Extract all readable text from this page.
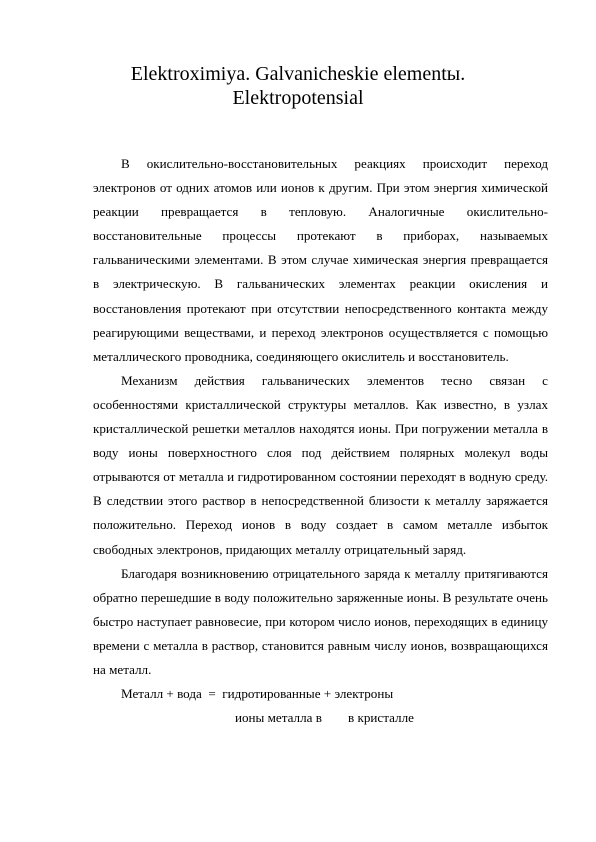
Elektroximiya. Galvanicheskie elementы.
Elektropotensial

В окислительно-восстановительных реакциях происходит переход электронов от одних атомов или ионов к другим. При этом энергия химической реакции превращается в тепловую. Аналогичные окислительно-восстановительные процессы протекают в приборах, называемых гальваническими элементами. В этом случае химическая энергия превращается в электрическую. В гальванических элементах реакции окисления и восстановления протекают при отсутствии непосредственного контакта между реагирующими веществами, и переход электронов осуществляется с помощью металлического проводника, соединяющего окислитель и восстановитель.

Механизм действия гальванических элементов тесно связан с особенностями кристаллической структуры металлов. Как известно, в узлах кристаллической решетки металлов находятся ионы. При погружении металла в воду ионы поверхностного слоя под действием полярных молекул воды отрываются от металла и гидротированном состоянии переходят в водную среду. В следствии этого раствор в непосредственной близости к металлу заряжается положительно. Переход ионов в воду создает в самом металле избыток свободных электронов, придающих металлу отрицательный заряд.

Благодаря возникновению отрицательного заряда к металлу притягиваются обратно перешедшие в воду положительно заряженные ионы. В результате очень быстро наступает равновесие, при котором число ионов, переходящих в единицу времени с металла в раствор, становится равным числу ионов, возвращающихся на металл.

Металл + вода  =  гидротированные + электроны

ионы металла в        в кристалле
